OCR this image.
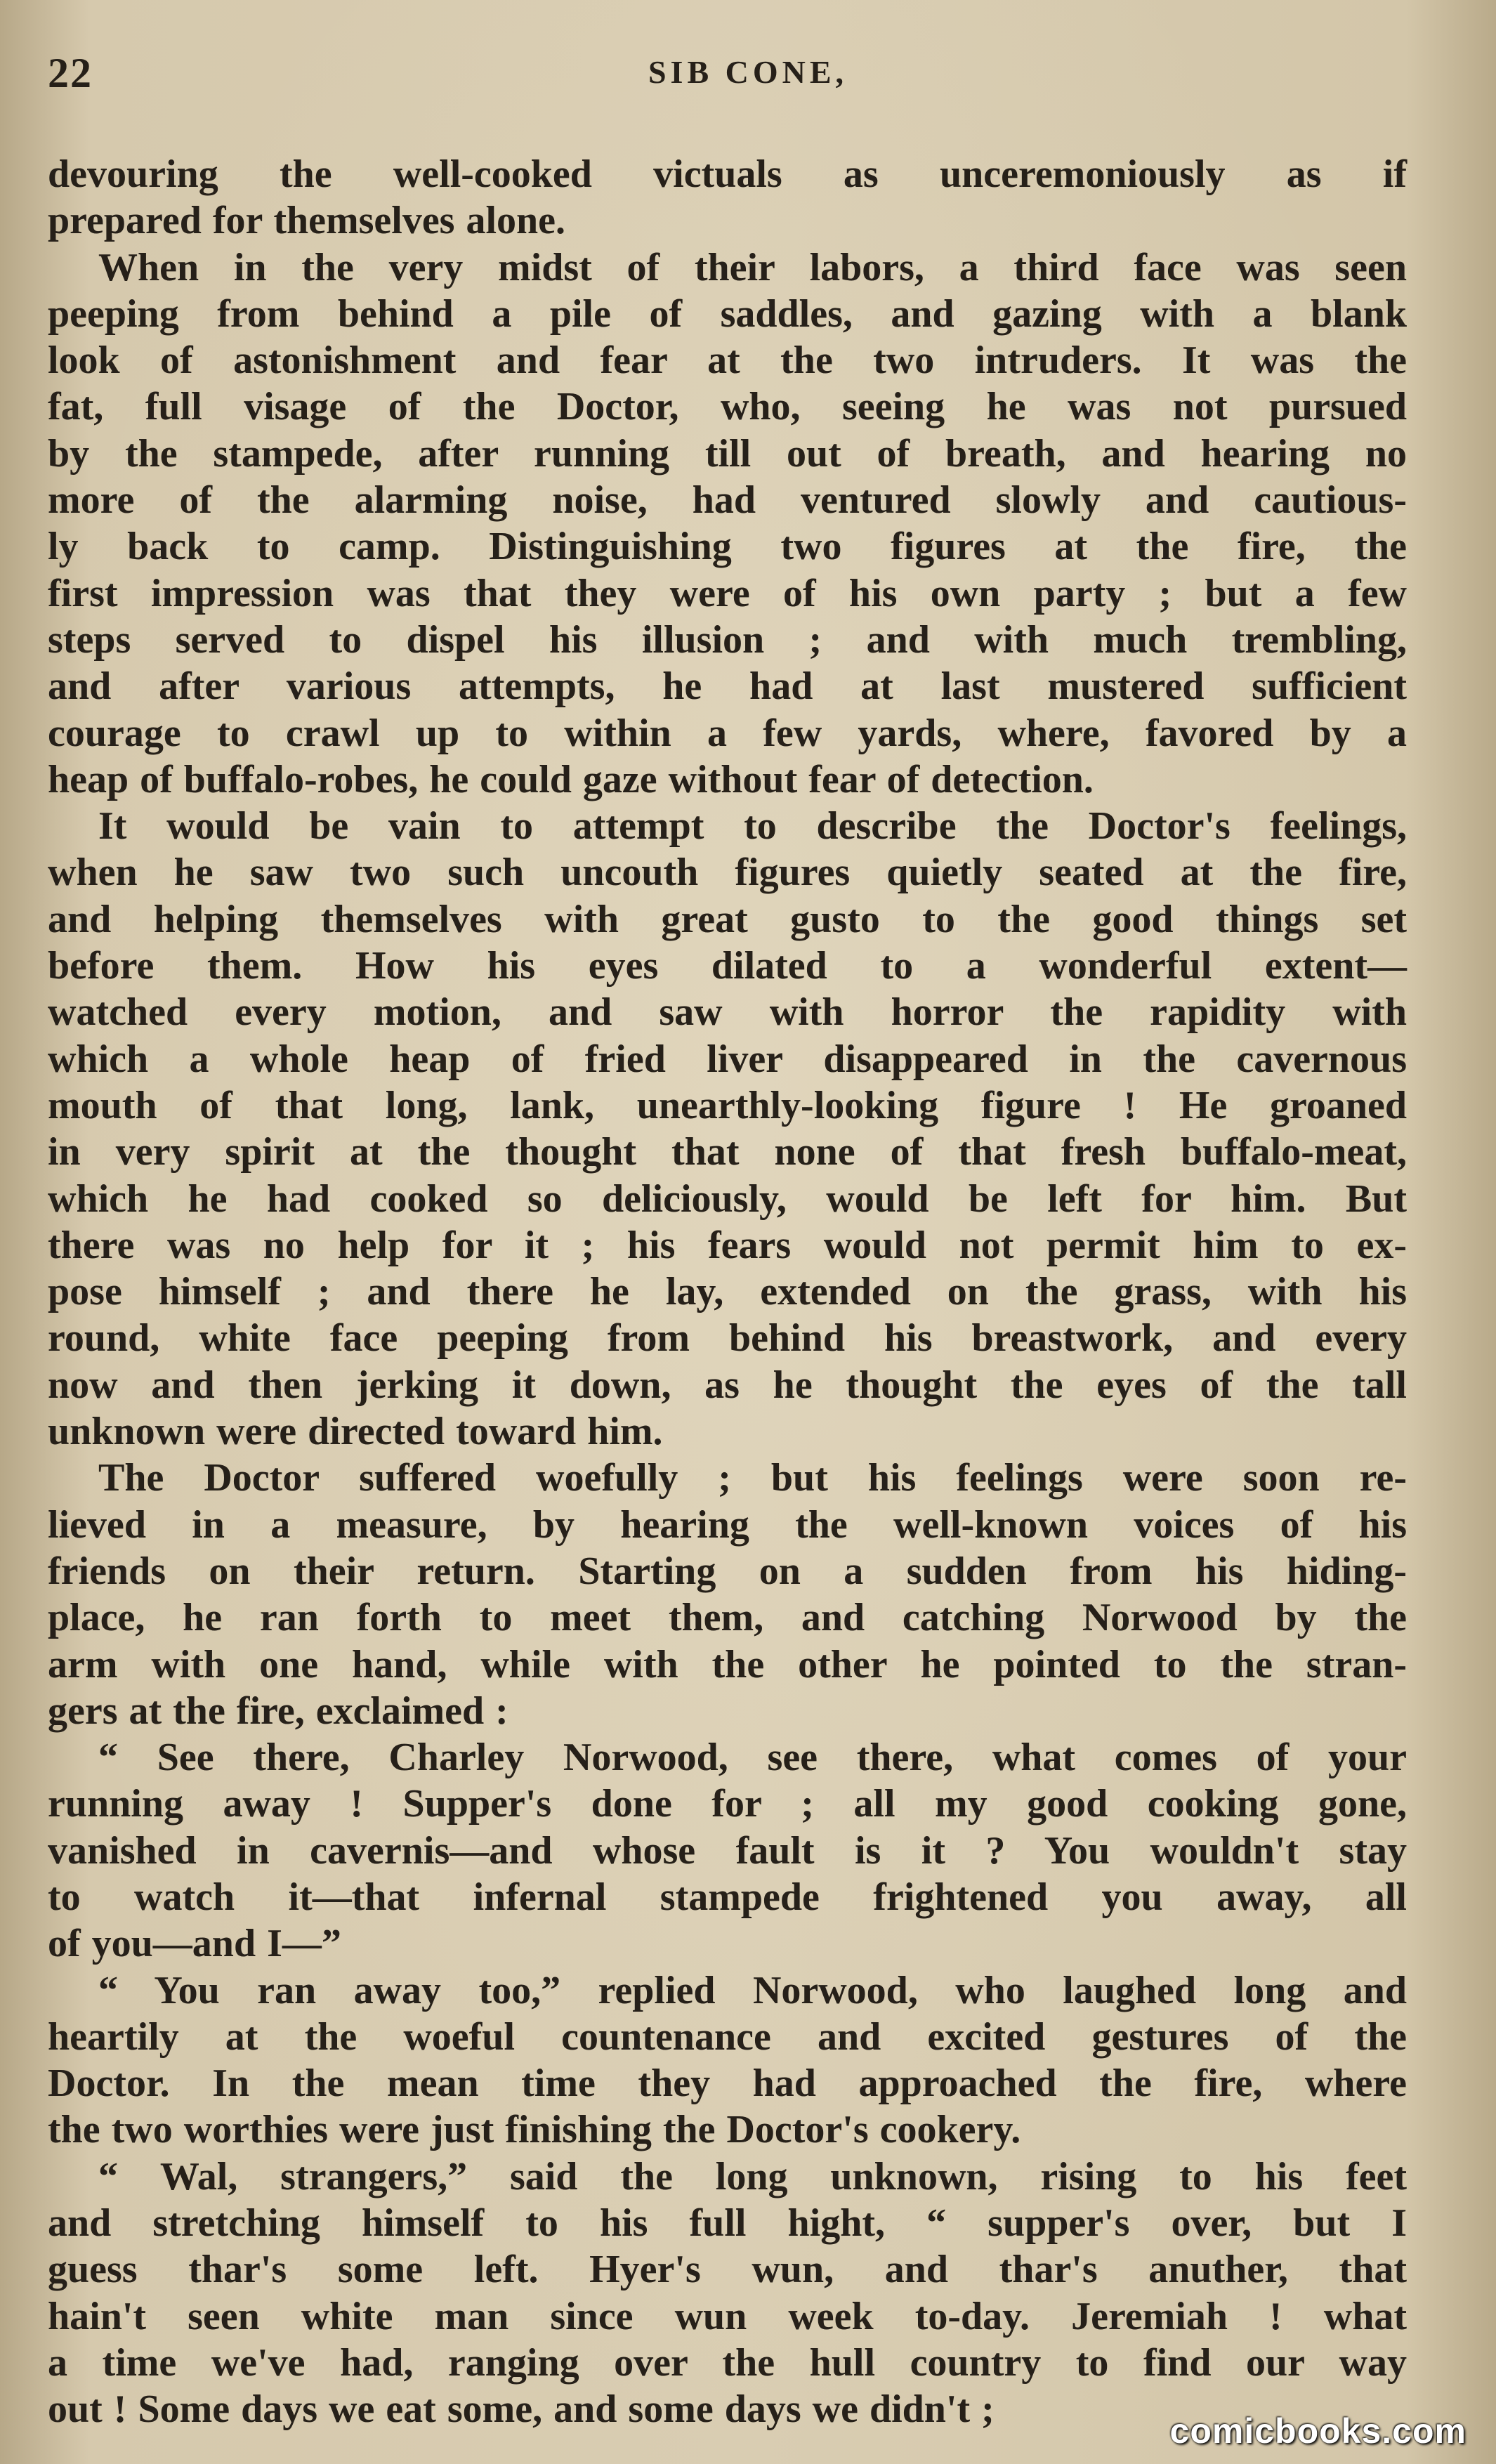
22	SIB CONE,
devouring the well-cooked victuals as unceremoniously as if
prepared for themselves alone.
When in the very midst of their labors, a third face was seen
peeping from behind a pile of saddles, and gazing with a blank
look of astonishment and fear at the two intruders. It was the
fat, full visage of the Doctor, who, seeing he was not pursued
by the stampede, after running till out of breath, and hearing no
more of the alarming noise, had ventured slowly and cautious-
ly back to camp. Distinguishing two figures at the fire, the
first impression was that they were of his own party ; but a few
steps served to dispel his illusion ; and with much trembling,
and after various attempts, he had at last mustered sufficient
courage to crawl up to within a few yards, where, favored by a
heap of buffalo-robes, he could gaze without fear of detection.
It would be vain to attempt to describe the Doctor's feelings,
when he saw two such uncouth figures quietly seated at the fire,
and helping themselves with great gusto to the good things set
before them. How his eyes dilated to a wonderful extent—
watched every motion, and saw with horror the rapidity with
which a whole heap of fried liver disappeared in the cavernous
mouth of that long, lank, unearthly-looking figure ! He groaned
in very spirit at the thought that none of that fresh buffalo-meat,
which he had cooked so deliciously, would be left for him. But
there was no help for it ; his fears would not permit him to ex-
pose himself ; and there he lay, extended on the grass, with his
round, white face peeping from behind his breastwork, and every
now and then jerking it down, as he thought the eyes of the tall
unknown were directed toward him.
The Doctor suffered woefully ; but his feelings were soon re-
lieved in a measure, by hearing the well-known voices of his
friends on their return. Starting on a sudden from his hiding-
place, he ran forth to meet them, and catching Norwood by the
arm with one hand, while with the other he pointed to the stran-
gers at the fire, exclaimed :
“ See there, Charley Norwood, see there, what comes of your
running away ! Supper's done for ; all my good cooking gone,
vanished in cavernis—and whose fault is it ? You wouldn't stay
to watch it—that infernal stampede frightened you away, all
of you—and I—”
“ You ran away too,” replied Norwood, who laughed long and
heartily at the woeful countenance and excited gestures of the
Doctor. In the mean time they had approached the fire, where
the two worthies were just finishing the Doctor's cookery.
“ Wal, strangers,” said the long unknown, rising to his feet
and stretching himself to his full hight, “ supper's over, but I
guess thar's some left. Hyer's wun, and thar's anuther, that
hain't seen white man since wun week to-day. Jeremiah ! what
a time we've had, ranging over the hull country to find our way
out ! Some days we eat some, and some days we didn't ;	comicbooks.com
